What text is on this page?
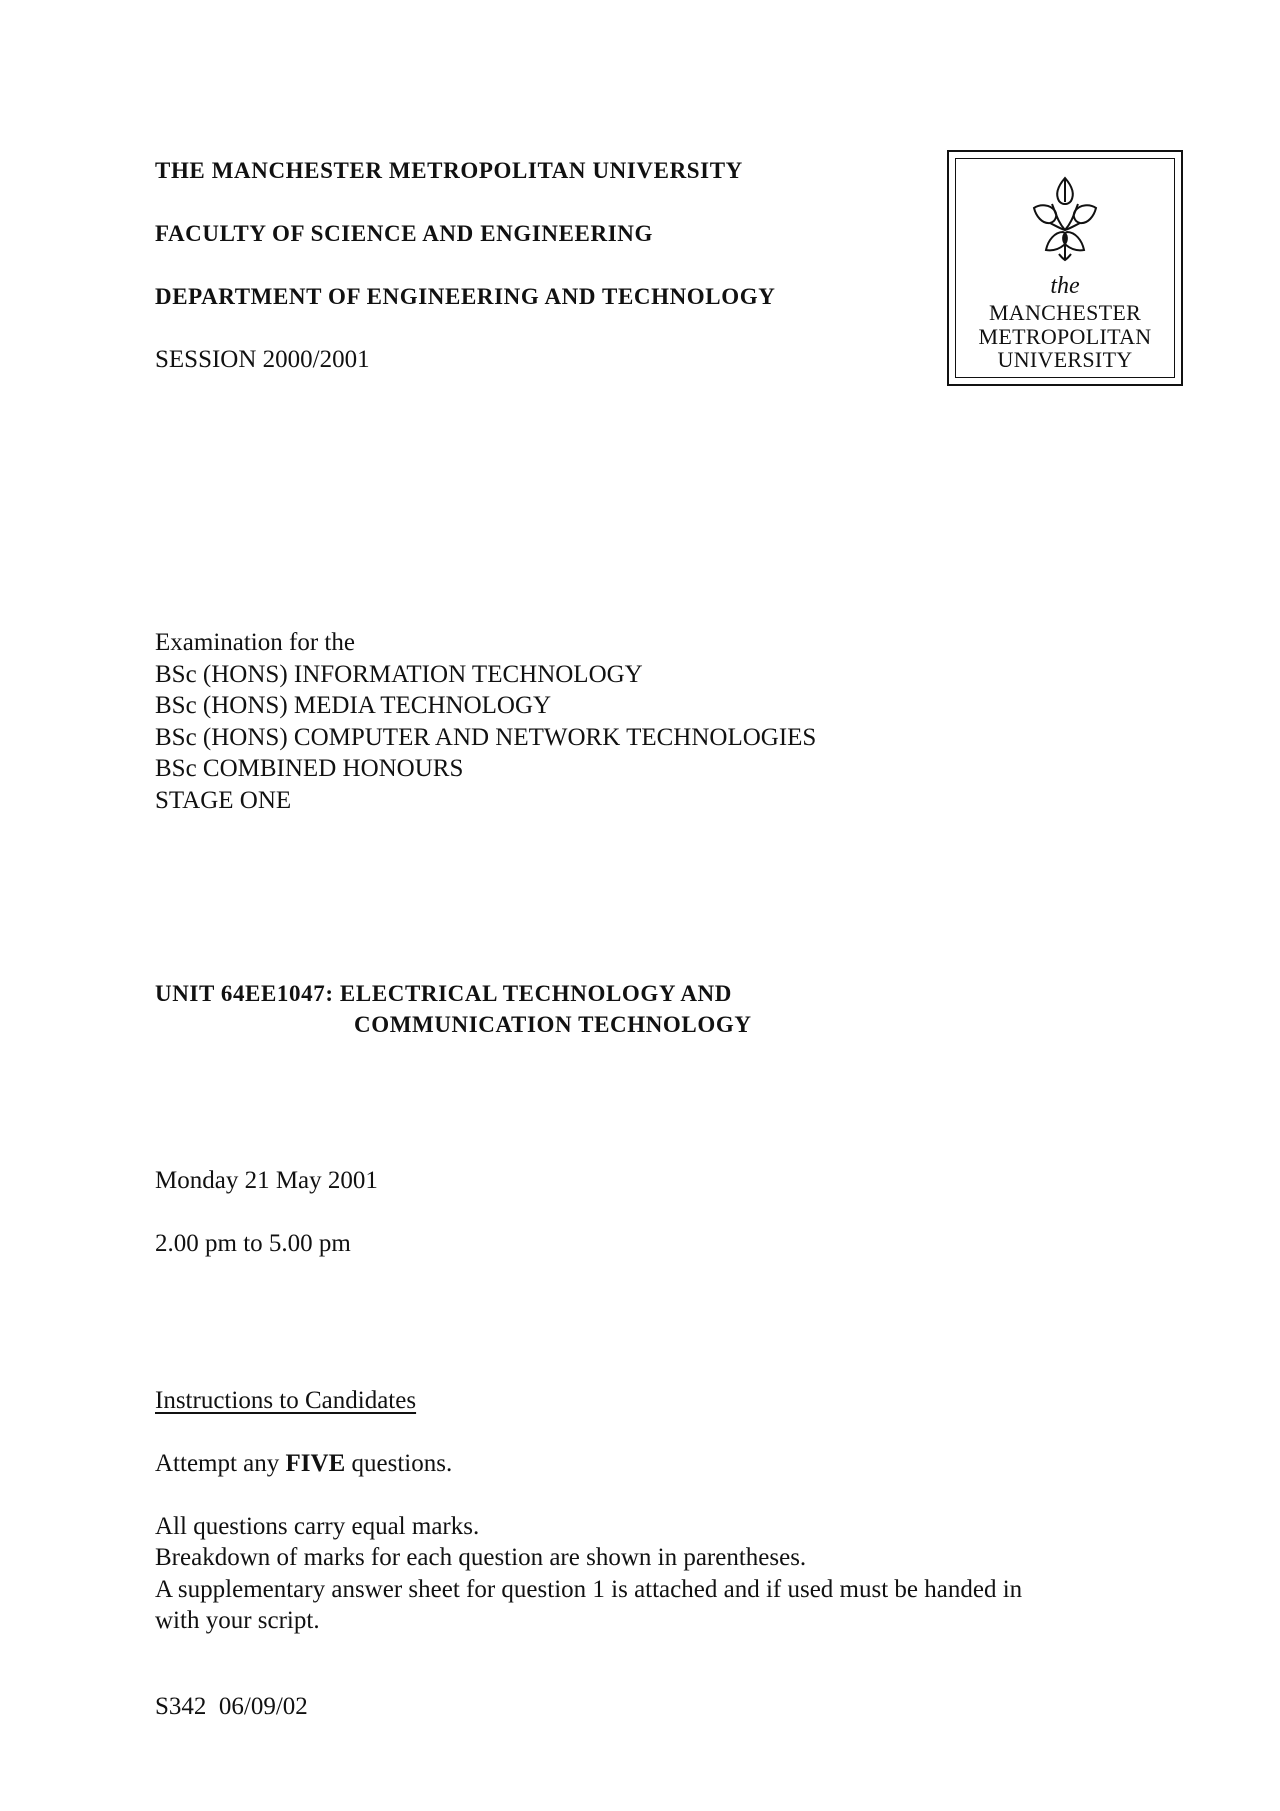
THE MANCHESTER METROPOLITAN UNIVERSITY
FACULTY OF SCIENCE AND ENGINEERING
DEPARTMENT OF ENGINEERING AND TECHNOLOGY
SESSION 2000/2001
the
MANCHESTER
METROPOLITAN
UNIVERSITY
Examination for the
BSc (HONS) INFORMATION TECHNOLOGY
BSc (HONS) MEDIA TECHNOLOGY
BSc (HONS) COMPUTER AND NETWORK TECHNOLOGIES
BSc COMBINED HONOURS
STAGE ONE
UNIT 64EE1047: ELECTRICAL TECHNOLOGY AND
COMMUNICATION TECHNOLOGY
Monday 21 May 2001
2.00 pm to 5.00 pm
Instructions to Candidates
Attempt any FIVE questions.
All questions carry equal marks.
Breakdown of marks for each question are shown in parentheses.
A supplementary answer sheet for question 1 is attached and if used must be handed in
with your script.
S342  06/09/02
